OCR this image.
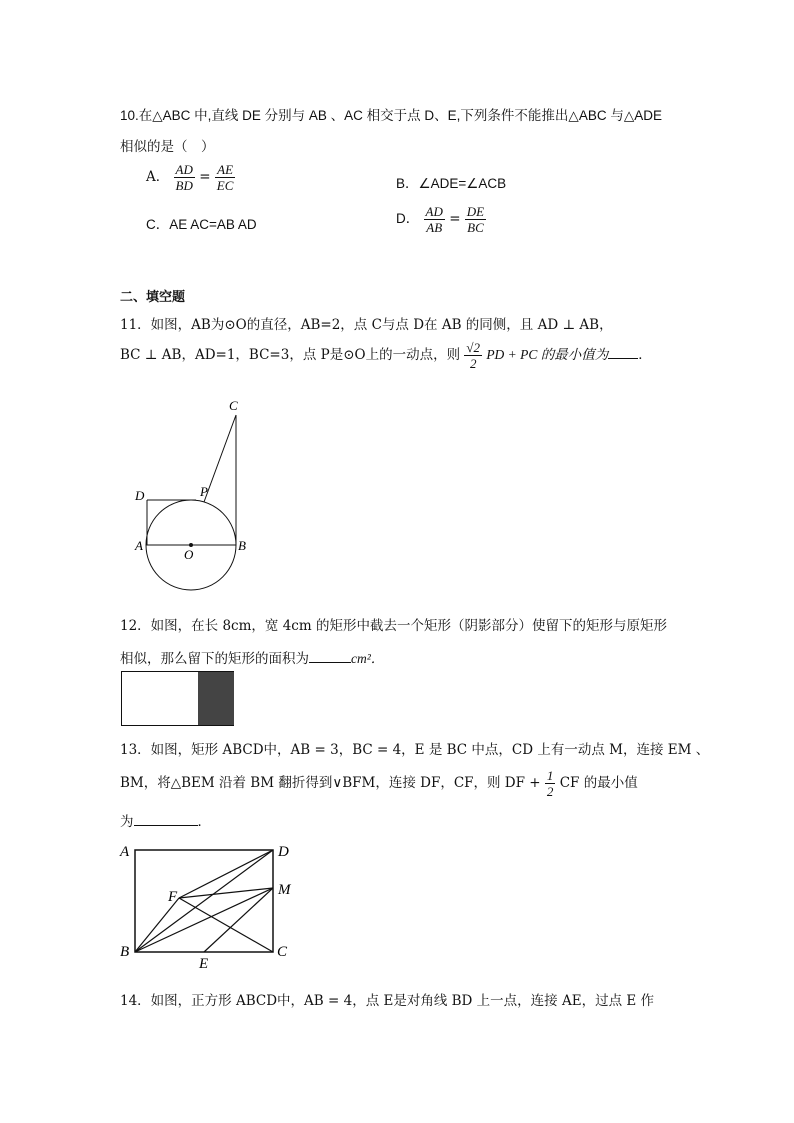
10.在△ABC 中,直线 DE 分别与 AB 、AC 相交于点 D、E,下列条件不能推出△ABC 与△ADE
相似的是（　）
A． $\frac{AD}{BD} = \frac{AE}{EC}$	B．∠ADE=∠ACB
C．AE AC=AB AD	D． $\frac{AD}{AB} = \frac{DE}{BC}$
二、填空题
11．如图，AB为⊙O的直径，AB=2，点 C与点 D在 AB 的同侧，且 AD ⊥ AB，
BC ⊥ AB，AD=1，BC=3，点 P是⊙O上的一动点，则 $\frac{√2}{2}$ PD + PC 的最小值为 ．
C
D	P
A
O
B
12．如图，在长 8cm，宽 4cm 的矩形中截去一个矩形（阴影部分）使留下的矩形与原矩形
相似，那么留下的矩形的面积为	cm²．
13．如图，矩形 ABCD中，AB = 3，BC = 4，E 是 BC 中点，CD 上有一动点 M，连接 EM 、
BM，将△BEM 沿着 BM 翻折得到∨BFM，连接 DF，CF，则 DF + $\frac{1}{2}$ CF 的最小值
为	．
A	D
F	M
B
E
C
14．如图，正方形 ABCD中，AB = 4，点 E是对角线 BD 上一点，连接 AE，过点 E 作
